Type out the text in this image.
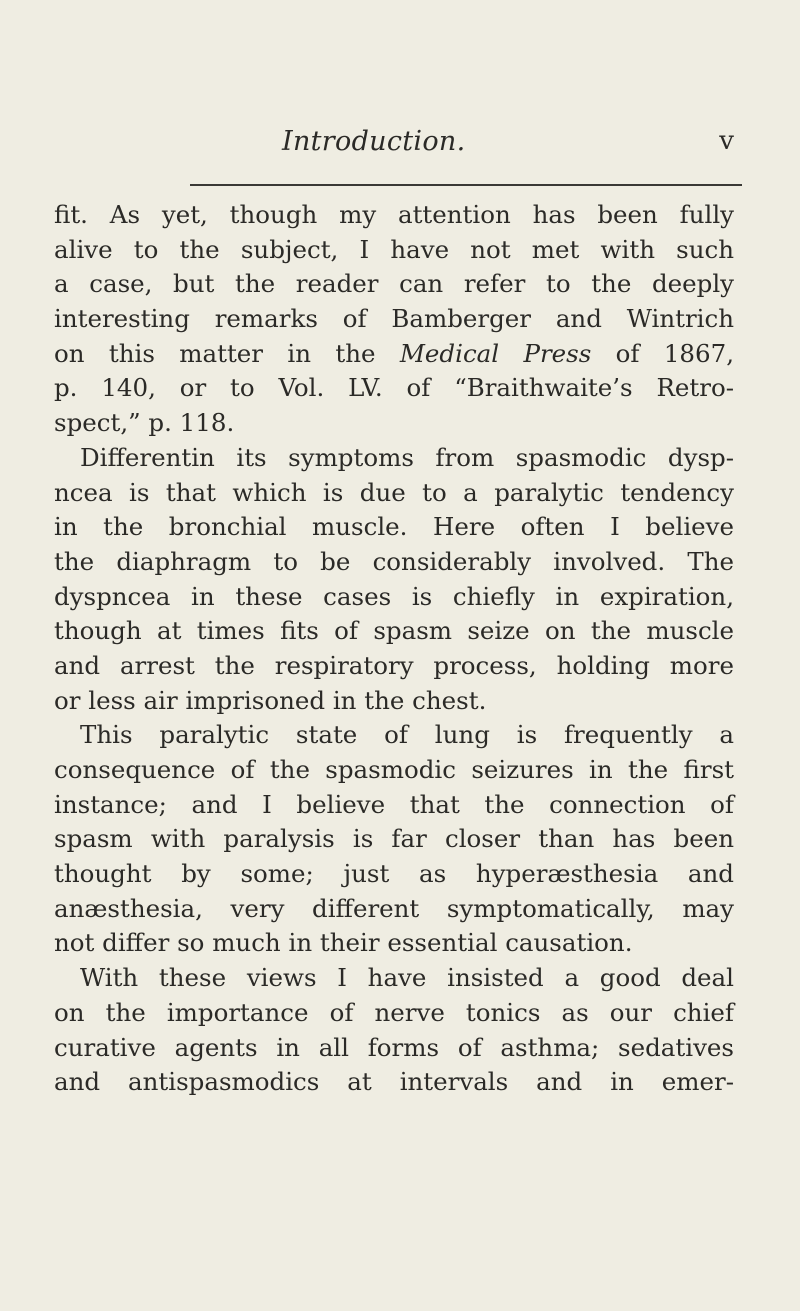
Introduction.	v
fit. As yet, though my attention has been fully
alive to the subject, I have not met with such
a case, but the reader can refer to the deeply
interesting remarks of Bamberger and Wintrich
on this matter in the Medical Press of 1867,
p. 140, or to Vol. LV. of “Braithwaite’s Retro-
spect,” p. 118.
Differentin its symptoms from spasmodic dysp-
ncea is that which is due to a paralytic tendency
in the bronchial muscle. Here often I believe
the diaphragm to be considerably involved. The
dyspncea in these cases is chiefly in expiration,
though at times fits of spasm seize on the muscle
and arrest the respiratory process, holding more
or less air imprisoned in the chest.
This paralytic state of lung is frequently a
consequence of the spasmodic seizures in the first
instance; and I believe that the connection of
spasm with paralysis is far closer than has been
thought by some; just as hyperæsthesia and
anæsthesia, very different symptomatically, may
not differ so much in their essential causation.
With these views I have insisted a good deal
on the importance of nerve tonics as our chief
curative agents in all forms of asthma; sedatives
and antispasmodics at intervals and in emer-
